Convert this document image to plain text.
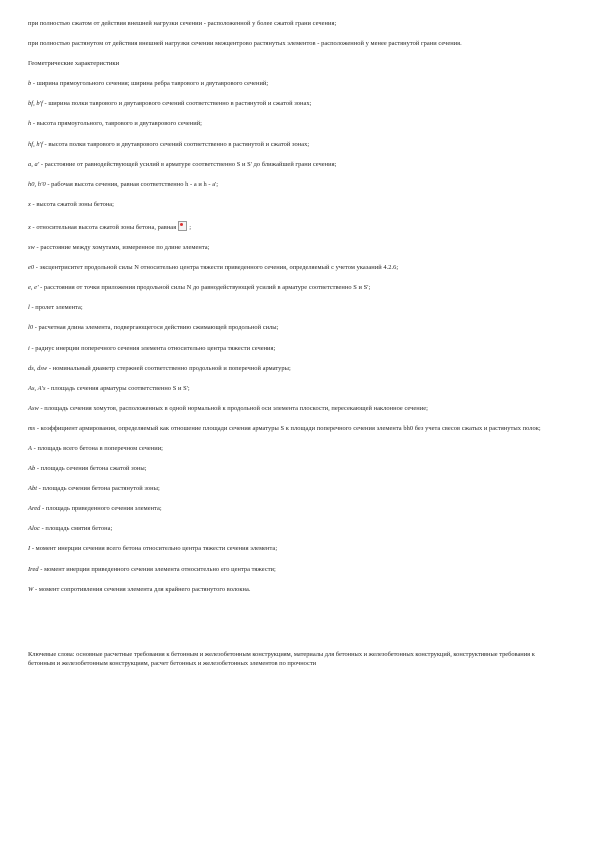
при полностью сжатом от действия внешней нагрузки сечении - расположенной у более сжатой грани сечения;

при полностью растянутом от действия внешней нагрузки сечении межцентрово растянутых элементов - расположенной у менее растянутой грани сечения.

Геометрические характеристики

b - ширина прямоугольного сечения; ширина ребра таврового и двутаврового сечений;

bf, b'f - ширина полки таврового и двутаврового сечений соответственно в растянутой и сжатой зонах;

h - высота прямоугольного, таврового и двутаврового сечений;

hf, h'f - высота полки таврового и двутаврового сечений соответственно в растянутой и сжатой зонах;

a, a' - расстояние от равнодействующей усилий в арматуре соответственно S и S' до ближайшей грани сечения;

h0, h'0 - рабочая высота сечения, равная соответственно h - a и h - a';

x - высота сжатой зоны бетона;

x - относительная высота сжатой зоны бетона, равная ;

sw - расстояние между хомутами, измеренное по длине элемента;

e0 - эксцентриситет продольной силы N относительно центра тяжести приведенного сечения, определяемый с учетом указаний 4.2.6;

e, e' - расстояния от точки приложения продольной силы N до равнодействующей усилий в арматуре соответственно S и S';

l - пролет элемента;

l0 - расчетная длина элемента, подвергающегося действию сжимающей продольной силы;

i - радиус инерции поперечного сечения элемента относительно центра тяжести сечения;

ds, dsw - номинальный диаметр стержней соответственно продольной и поперечной арматуры;

As, A's - площадь сечения арматуры соответственно S и S';

Asw - площадь сечения хомутов, расположенных в одной нормальной к продольной оси элемента плоскости, пересекающей наклонное сечение;

ms - коэффициент армирования, определяемый как отношение площади сечения арматуры S к площади поперечного сечения элемента bh0 без учета свесов сжатых и растянутых полок;

A - площадь всего бетона в поперечном сечении;

Ab - площадь сечения бетона сжатой зоны;

Abt - площадь сечения бетона растянутой зоны;

Ared - площадь приведенного сечения элемента;

Aloc - площадь смятия бетона;

I - момент инерции сечения всего бетона относительно центра тяжести сечения элемента;

Ired - момент инерции приведенного сечения элемента относительно его центра тяжести;

W - момент сопротивления сечения элемента для крайнего растянутого волокна.

Ключевые слова: основные расчетные требования к бетонным и железобетонным конструкциям, материалы для бетонных и железобетонных конструкций, конструктивные требования к бетонным и железобетонным конструкциям, расчет бетонных и железобетонных элементов по прочности
